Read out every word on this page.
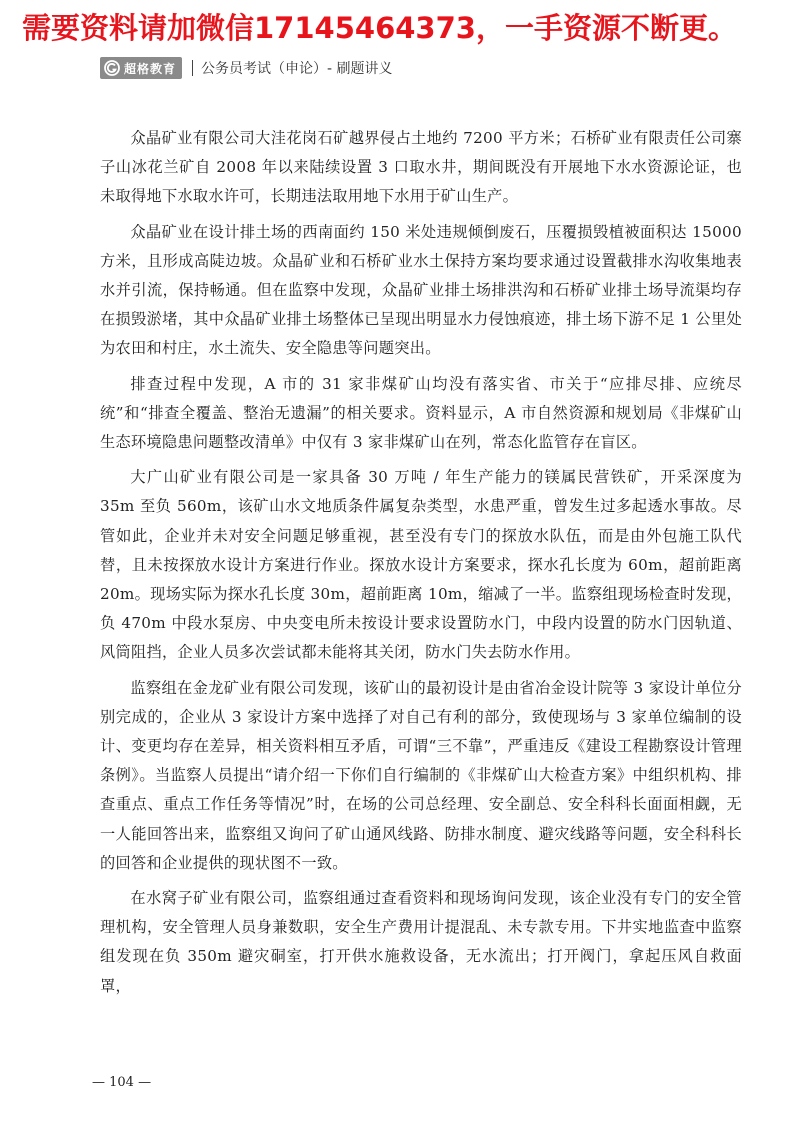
需要资料请加微信17145464373，一手资源不断更。
超格教育 公务员考试（申论）- 刷题讲义

众晶矿业有限公司大洼花岗石矿越界侵占土地约 7200 平方米；石桥矿业有限责任公司寨子山冰花兰矿自 2008 年以来陆续设置 3 口取水井，期间既没有开展地下水水资源论证，也未取得地下水取水许可，长期违法取用地下水用于矿山生产。

众晶矿业在设计排土场的西南面约 150 米处违规倾倒废石，压覆损毁植被面积达 15000 方米，且形成高陡边坡。众晶矿业和石桥矿业水土保持方案均要求通过设置截排水沟收集地表水并引流，保持畅通。但在监察中发现，众晶矿业排土场排洪沟和石桥矿业排土场导流渠均存在损毁淤堵，其中众晶矿业排土场整体已呈现出明显水力侵蚀痕迹，排土场下游不足 1 公里处为农田和村庄，水土流失、安全隐患等问题突出。

排查过程中发现，A 市的 31 家非煤矿山均没有落实省、市关于“应排尽排、应统尽统”和“排查全覆盖、整治无遗漏”的相关要求。资料显示，A 市自然资源和规划局《非煤矿山生态环境隐患问题整改清单》中仅有 3 家非煤矿山在列，常态化监管存在盲区。

大广山矿业有限公司是一家具备 30 万吨 / 年生产能力的镁属民营铁矿，开采深度为 35m 至负 560m，该矿山水文地质条件属复杂类型，水患严重，曾发生过多起透水事故。尽管如此，企业并未对安全问题足够重视，甚至没有专门的探放水队伍，而是由外包施工队代替，且未按探放水设计方案进行作业。探放水设计方案要求，探水孔长度为 60m，超前距离 20m。现场实际为探水孔长度 30m，超前距离 10m，缩减了一半。监察组现场检查时发现，负 470m 中段水泵房、中央变电所未按设计要求设置防水门，中段内设置的防水门因轨道、风筒阻挡，企业人员多次尝试都未能将其关闭，防水门失去防水作用。

监察组在金龙矿业有限公司发现，该矿山的最初设计是由省冶金设计院等 3 家设计单位分别完成的，企业从 3 家设计方案中选择了对自己有利的部分，致使现场与 3 家单位编制的设计、变更均存在差异，相关资料相互矛盾，可谓“三不靠”，严重违反《建设工程勘察设计管理条例》。当监察人员提出“请介绍一下你们自行编制的《非煤矿山大检查方案》中组织机构、排查重点、重点工作任务等情况”时，在场的公司总经理、安全副总、安全科科长面面相觑，无一人能回答出来，监察组又询问了矿山通风线路、防排水制度、避灾线路等问题，安全科科长的回答和企业提供的现状图不一致。

在水窝子矿业有限公司，监察组通过查看资料和现场询问发现，该企业没有专门的安全管理机构，安全管理人员身兼数职，安全生产费用计提混乱、未专款专用。下井实地监查中监察组发现在负 350m 避灾硐室，打开供水施救设备，无水流出；打开阀门，拿起压风自救面罩，

— 104 —
